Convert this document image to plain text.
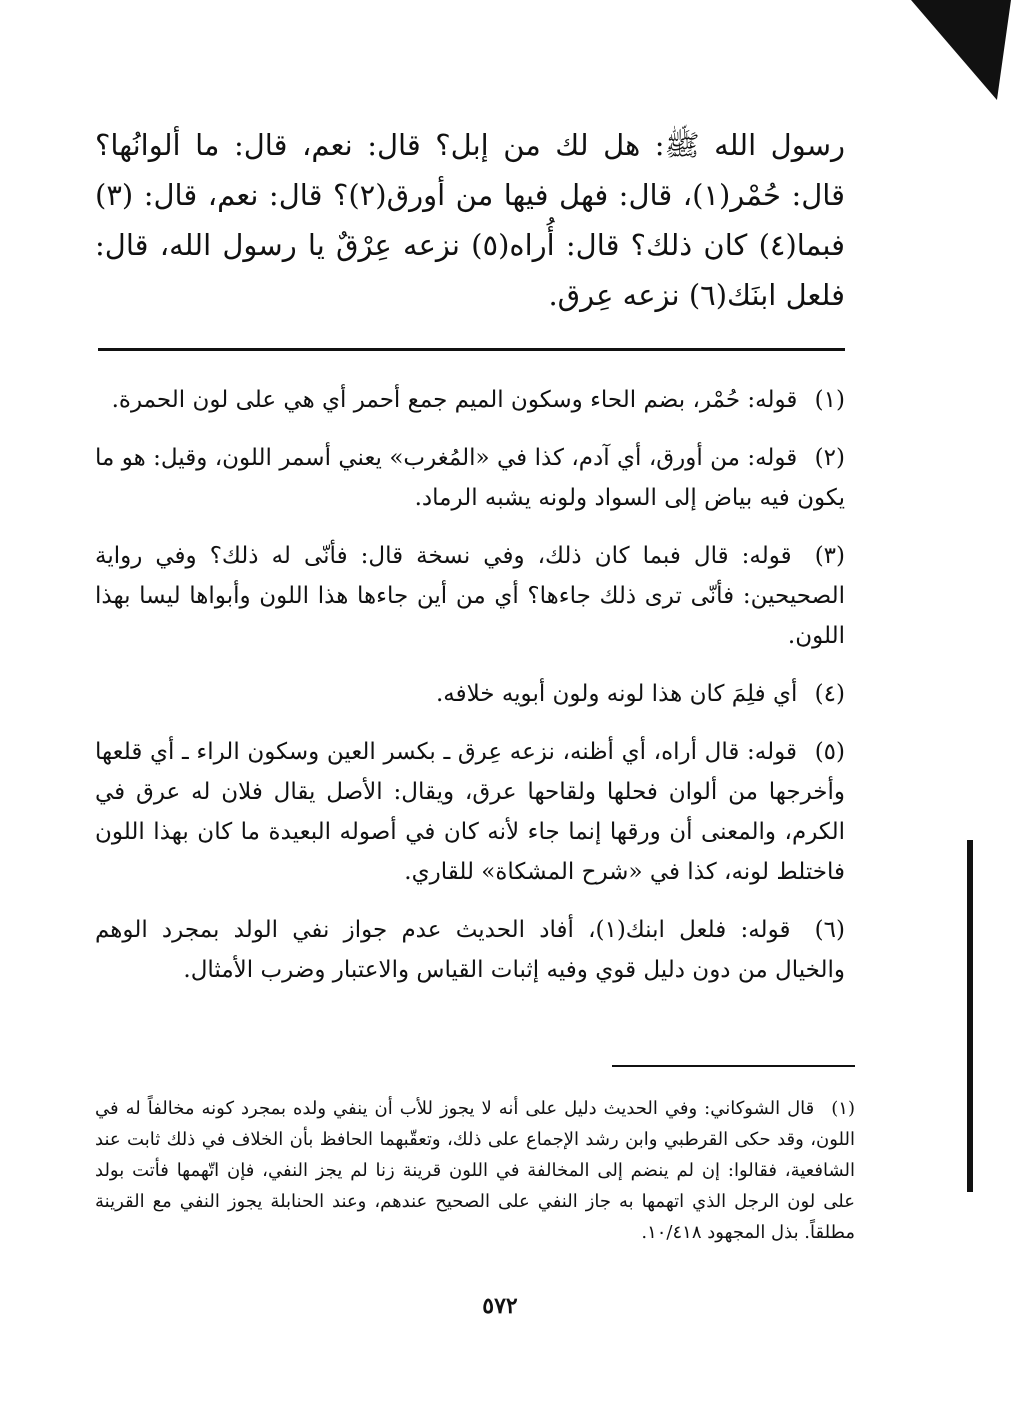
رسول الله ﷺ: هل لك من إبل؟ قال: نعم، قال: ما ألوانُها؟ قال: حُمْر(١)، قال: فهل فيها من أورق(٢)؟ قال: نعم، قال: (٣) فبما(٤) كان ذلك؟ قال: أُراه(٥) نزعه عِرْقٌ يا رسول الله، قال: فلعل ابنَك(٦) نزعه عِرق.

(١) قوله: حُمْر، بضم الحاء وسكون الميم جمع أحمر أي هي على لون الحمرة.

(٢) قوله: من أورق، أي آدم، كذا في «المُغرب» يعني أسمر اللون، وقيل: هو ما يكون فيه بياض إلى السواد ولونه يشبه الرماد.

(٣) قوله: قال فبما كان ذلك، وفي نسخة قال: فأنّى له ذلك؟ وفي رواية الصحيحين: فأنّى ترى ذلك جاءها؟ أي من أين جاءها هذا اللون وأبواها ليسا بهذا اللون.

(٤) أي فلِمَ كان هذا لونه ولون أبويه خلافه.

(٥) قوله: قال أراه، أي أظنه، نزعه عِرق ـ بكسر العين وسكون الراء ـ أي قلعها وأخرجها من ألوان فحلها ولقاحها عرق، ويقال: الأصل يقال فلان له عرق في الكرم، والمعنى أن ورقها إنما جاء لأنه كان في أصوله البعيدة ما كان بهذا اللون فاختلط لونه، كذا في «شرح المشكاة» للقاري.

(٦) قوله: فلعل ابنك(١)، أفاد الحديث عدم جواز نفي الولد بمجرد الوهم والخيال من دون دليل قوي وفيه إثبات القياس والاعتبار وضرب الأمثال.

(١) قال الشوكاني: وفي الحديث دليل على أنه لا يجوز للأب أن ينفي ولده بمجرد كونه مخالفاً له في اللون، وقد حكى القرطبي وابن رشد الإجماع على ذلك، وتعقّبهما الحافظ بأن الخلاف في ذلك ثابت عند الشافعية، فقالوا: إن لم ينضم إلى المخالفة في اللون قرينة زنا لم يجز النفي، فإن اتّهمها فأتت بولد على لون الرجل الذي اتهمها به جاز النفي على الصحيح عندهم، وعند الحنابلة يجوز النفي مع القرينة مطلقاً. بذل المجهود ١٠/٤١٨.

٥٧٢
